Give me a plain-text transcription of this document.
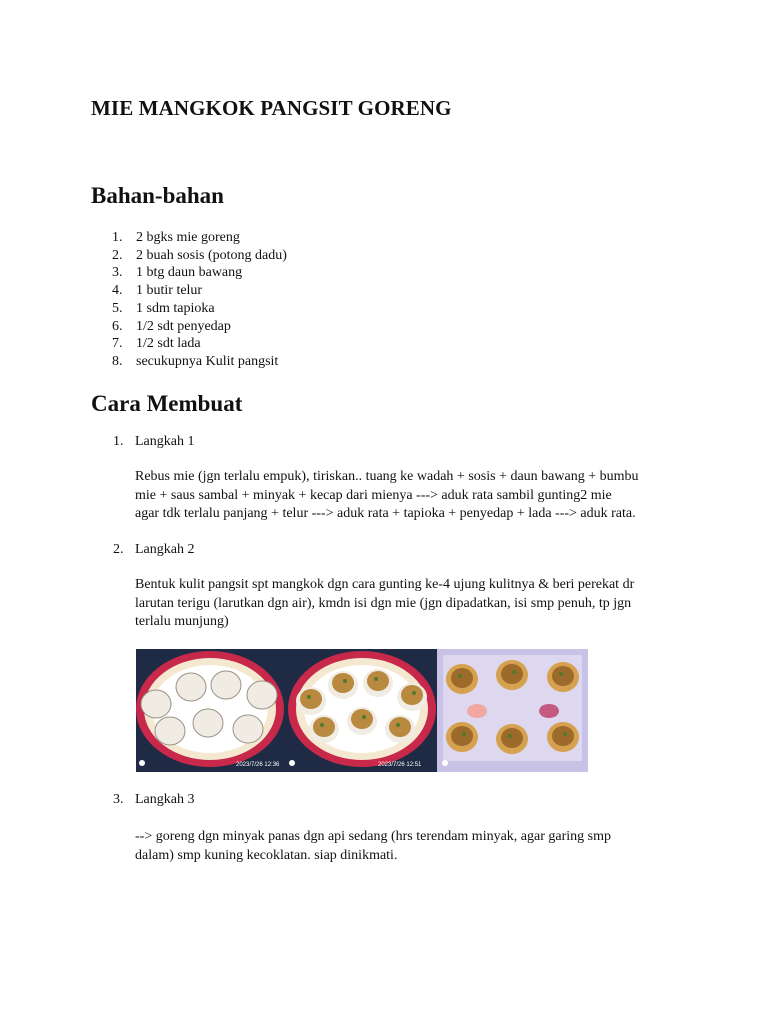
MIE MANGKOK PANGSIT GORENG
Bahan-bahan
1. 2 bgks mie goreng
2. 2 buah sosis (potong dadu)
3. 1 btg daun bawang
4. 1 butir telur
5. 1 sdm tapioka
6. 1/2 sdt penyedap
7. 1/2 sdt lada
8. secukupnya Kulit pangsit
Cara Membuat
1. Langkah 1
Rebus mie (jgn terlalu empuk), tiriskan.. tuang ke wadah + sosis + daun bawang + bumbu
mie + saus sambal + minyak + kecap dari mienya ---> aduk rata sambil gunting2 mie
agar tdk terlalu panjang + telur ---> aduk rata + tapioka + penyedap + lada ---> aduk rata.
2. Langkah 2
Bentuk kulit pangsit spt mangkok dgn cara gunting ke-4 ujung kulitnya & beri perekat dr
larutan terigu (larutkan dgn air), kmdn isi dgn mie (jgn dipadatkan, isi smp penuh, tp jgn
terlalu munjung)
2023/7/26 12:36	2023/7/26 12:51
3. Langkah 3
--> goreng dgn minyak panas dgn api sedang (hrs terendam minyak, agar garing smp
dalam) smp kuning kecoklatan. siap dinikmati.
